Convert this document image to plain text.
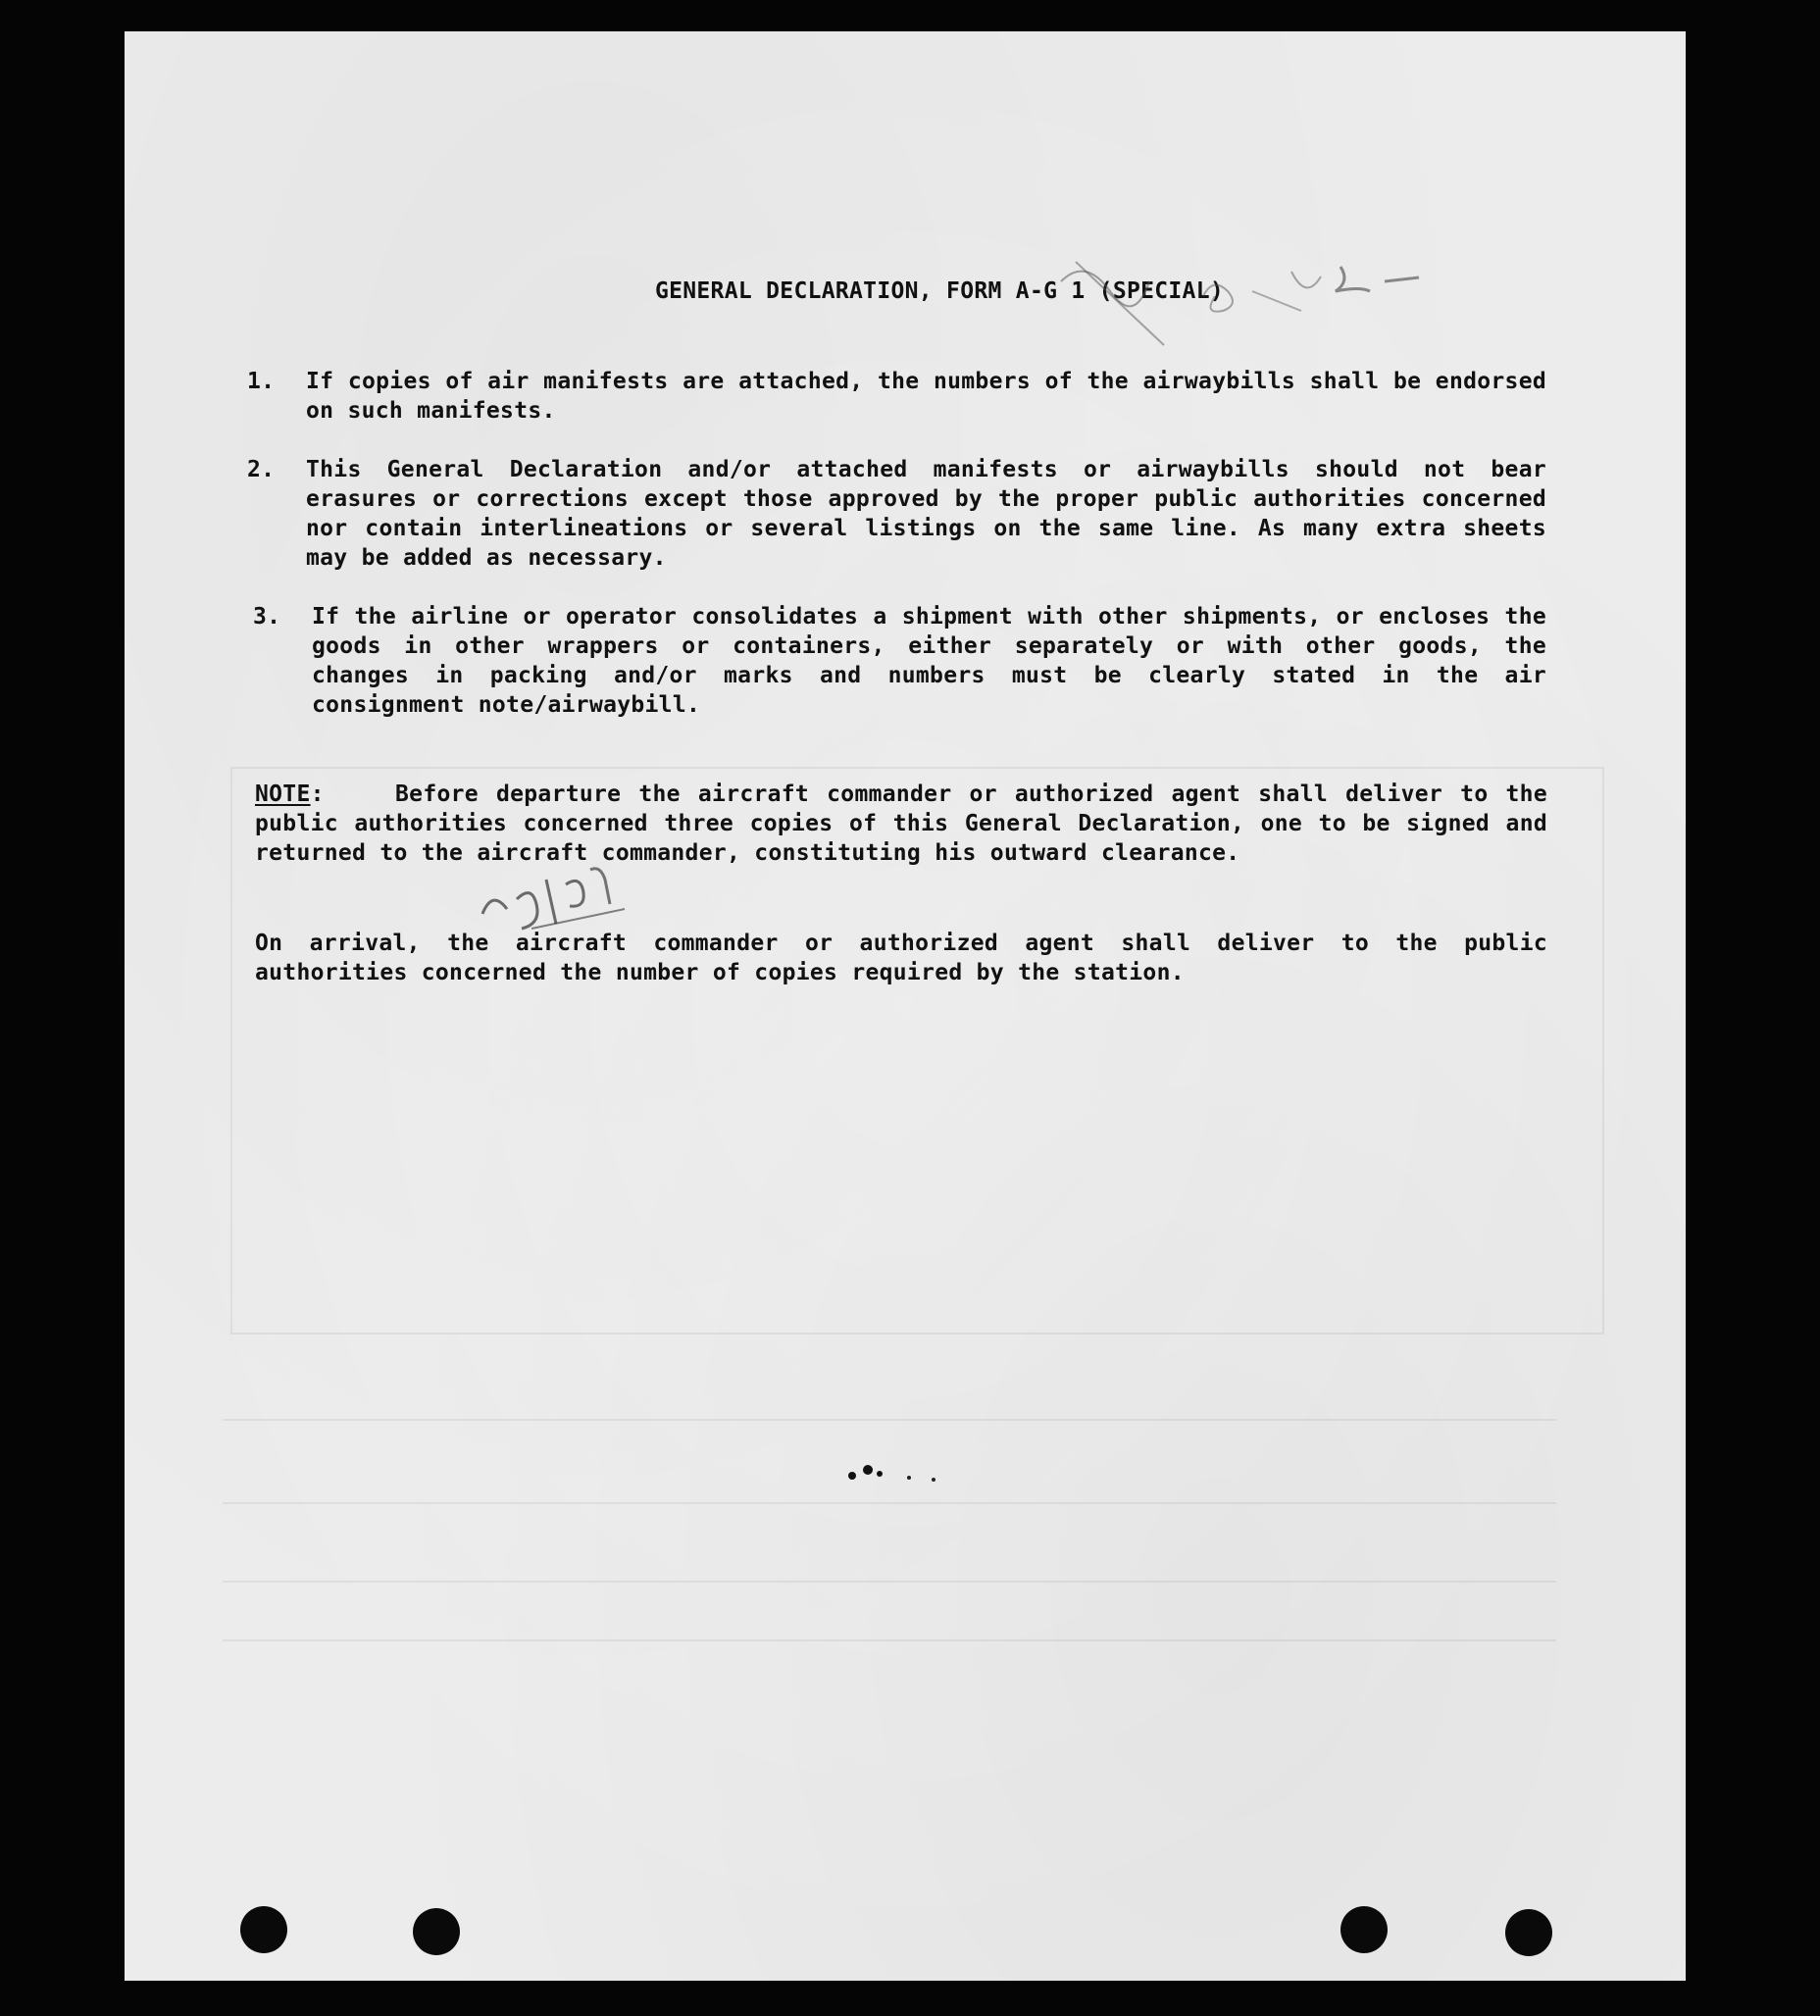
GENERAL DECLARATION, FORM A-G 1 (SPECIAL)
1.	If copies of air manifests are attached, the numbers of the airwaybills shall be endorsed on such manifests.
2.	This General Declaration and/or attached manifests or airwaybills should not bear erasures or corrections except those approved by the proper public authorities concerned nor contain interlineations or several listings on the same line. As many extra sheets may be added as necessary.
3.	If the airline or operator consolidates a shipment with other shipments, or encloses the goods in other wrappers or containers, either separately or with other goods, the changes in packing and/or marks and numbers must be clearly stated in the air consignment note/airwaybill.
NOTE:    Before departure the aircraft commander or authorized agent shall deliver to the public authorities concerned three copies of this General Declaration, one to be signed and returned to the aircraft commander, constituting his outward clearance.
On arrival, the aircraft commander or authorized agent shall deliver to the public authorities concerned the number of copies required by the station.
